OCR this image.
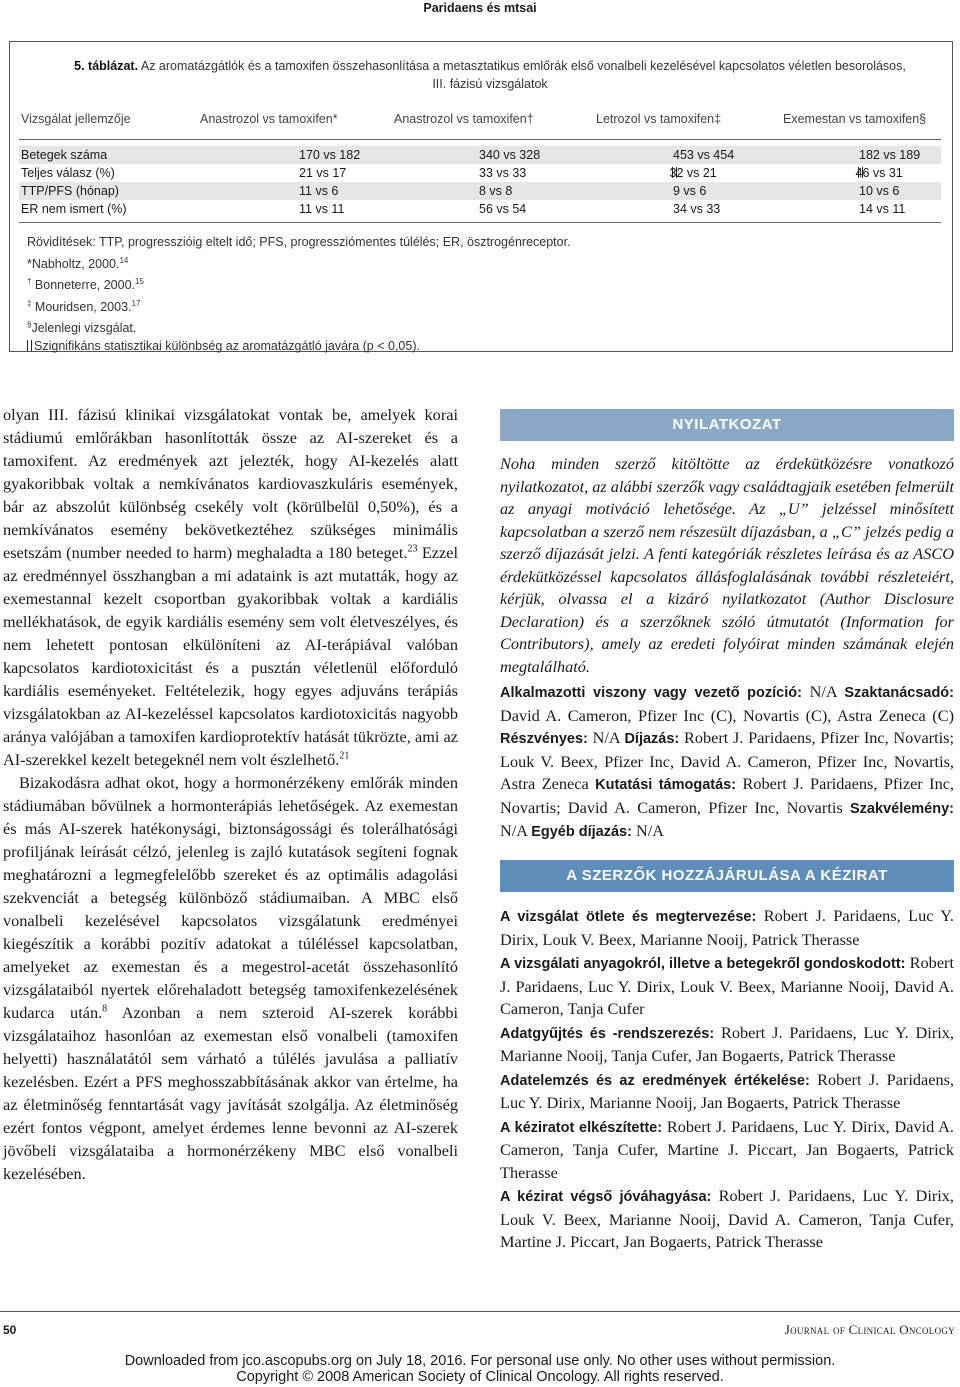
Paridaens és mtsai
5. táblázat. Az aromatázgátlók és a tamoxifen összehasonlítása a metasztatikus emlőrák első vonalbeli kezelésével kapcsolatos véletlen besorolásos,
III. fázisú vizsgálatok
Vizsgálat jellemzője	Anastrozol vs tamoxifen*	Anastrozol vs tamoxifen†	Letrozol vs tamoxifen‡	Exemestan vs tamoxifen§
Betegek száma	170 vs 182	340 vs 328	453 vs 454	182 vs 189
Teljes válasz (%)	21 vs 17	33 vs 33	32 vs 21	46 vs 31
TTP/PFS (hónap)	11 vs 6	8 vs 8	9 vs 6	10 vs 6
ER nem ismert (%)	11 vs 11	56 vs 54	34 vs 33	14 vs 11
Rövidítések: TTP, progresszióig eltelt idő; PFS, progressziómentes túlélés; ER, ösztrogénreceptor.
*Nabholtz, 2000.14
† Bonneterre, 2000.15
‡ Mouridsen, 2003.17
§Jelenlegi vizsgálat.
Szignifikáns statisztikai különbség az aromatázgátló javára (p < 0,05).

olyan III. fázisú klinikai vizsgálatokat vontak be, amelyek korai stádiumú emlőrákban hasonlították össze az AI-szereket és a tamoxifent. Az eredmények azt jelezték, hogy AI-kezelés alatt gyakoribbak voltak a nemkívánatos kardiovaszkuláris események, bár az abszolút különbség csekély volt (körülbelül 0,50%), és a nemkívánatos esemény bekövetkeztéhez szükséges minimális esetszám (number needed to harm) meghaladta a 180 beteget.$^{23}$ Ezzel az eredménnyel összhangban a mi adataink is azt mutatták, hogy az exemestannal kezelt csoportban gyakoribbak voltak a kardiális mellékhatások, de egyik kardiális esemény sem volt életveszélyes, és nem lehetett pontosan elkülöníteni az AI-terápiával valóban kapcsolatos kardiotoxicitást és a pusztán véletlenül előforduló kardiális eseményeket. Feltételezik, hogy egyes adjuváns terápiás vizsgálatokban az AI-kezeléssel kapcsolatos kardiotoxicitás nagyobb aránya valójában a tamoxifen kardioprotektív hatását tükrözte, ami az AI-szerekkel kezelt betegeknél nem volt észlelhető.$^{21}$

Bizakodásra adhat okot, hogy a hormonérzékeny emlőrák minden stádiumában bővülnek a hormonterápiás lehetőségek. Az exemestan és más AI-szerek hatékonysági, biztonságossági és tolerálhatósági profiljának leírását célzó, jelenleg is zajló kutatások segíteni fognak meghatározni a legmegfelelőbb szereket és az optimális adagolási szekvenciát a betegség különböző stádiumaiban. A MBC első vonalbeli kezelésével kapcsolatos vizsgálatunk eredményei kiegészítik a korábbi pozitív adatokat a túléléssel kapcsolatban, amelyeket az exemestan és a megestrol-acetát összehasonlító vizsgálataiból nyertek előrehaladott betegség tamoxifenkezelésének kudarca után.$^8$ Azonban a nem szteroid AI-szerek korábbi vizsgálataihoz hasonlóan az exemestan első vonalbeli (tamoxifen helyetti) használatától sem várható a túlélés javulása a palliatív kezelésben. Ezért a PFS meghosszabbításának akkor van értelme, ha az életminőség fenntartását vagy javítását szolgálja. Az életminőség ezért fontos végpont, amelyet érdemes lenne bevonni az AI-szerek jövőbeli vizsgálataiba a hormonérzékeny MBC első vonalbeli kezelésében.

NYILATKOZAT

Noha minden szerző kitöltötte az érdekütközésre vonatkozó nyilatkozatot, az alábbi szerzők vagy családtagjaik esetében felmerült az anyagi motiváció lehetősége. Az „U” jelzéssel minősített kapcsolatban a szerző nem részesült díjazásban, a „C” jelzés pedig a szerző díjazását jelzi. A fenti kategóriák részletes leírása és az ASCO érdekütközéssel kapcsolatos állásfoglalásának további részleteiért, kérjük, olvassa el a kizáró nyilatkozatot (Author Disclosure Declaration) és a szerzőknek szóló útmutatót (Information for Contributors), amely az eredeti folyóirat minden számának elején megtalálható.

Alkalmazotti viszony vagy vezető pozíció: N/A Szaktanácsadó: David A. Cameron, Pfizer Inc (C), Novartis (C), Astra Zeneca (C) Részvényes: N/A Díjazás: Robert J. Paridaens, Pfizer Inc, Novartis; Louk V. Beex, Pfizer Inc, David A. Cameron, Pfizer Inc, Novartis, Astra Zeneca Kutatási támogatás: Robert J. Paridaens, Pfizer Inc, Novartis; David A. Cameron, Pfizer Inc, Novartis Szakvélemény: N/A Egyéb díjazás: N/A

A SZERZŐK HOZZÁJÁRULÁSA A KÉZIRAT ELKÉSZÍTÉSÉHEZ

A vizsgálat ötlete és megtervezése: Robert J. Paridaens, Luc Y. Dirix, Louk V. Beex, Marianne Nooij, Patrick Therasse

A vizsgálati anyagokról, illetve a betegekről gondoskodott: Robert J. Paridaens, Luc Y. Dirix, Louk V. Beex, Marianne Nooij, David A. Cameron, Tanja Cufer

Adatgyűjtés és -rendszerezés: Robert J. Paridaens, Luc Y. Dirix, Marianne Nooij, Tanja Cufer, Jan Bogaerts, Patrick Therasse

Adatelemzés és az eredmények értékelése: Robert J. Paridaens, Luc Y. Dirix, Marianne Nooij, Jan Bogaerts, Patrick Therasse

A kéziratot elkészítette: Robert J. Paridaens, Luc Y. Dirix, David A. Cameron, Tanja Cufer, Martine J. Piccart, Jan Bogaerts, Patrick Therasse

A kézirat végső jóváhagyása: Robert J. Paridaens, Luc Y. Dirix, Louk V. Beex, Marianne Nooij, David A. Cameron, Tanja Cufer, Martine J. Piccart, Jan Bogaerts, Patrick Therasse

50	Journal of Clinical Oncology
Downloaded from jco.ascopubs.org on July 18, 2016. For personal use only. No other uses without permission.
Copyright © 2008 American Society of Clinical Oncology. All rights reserved.
